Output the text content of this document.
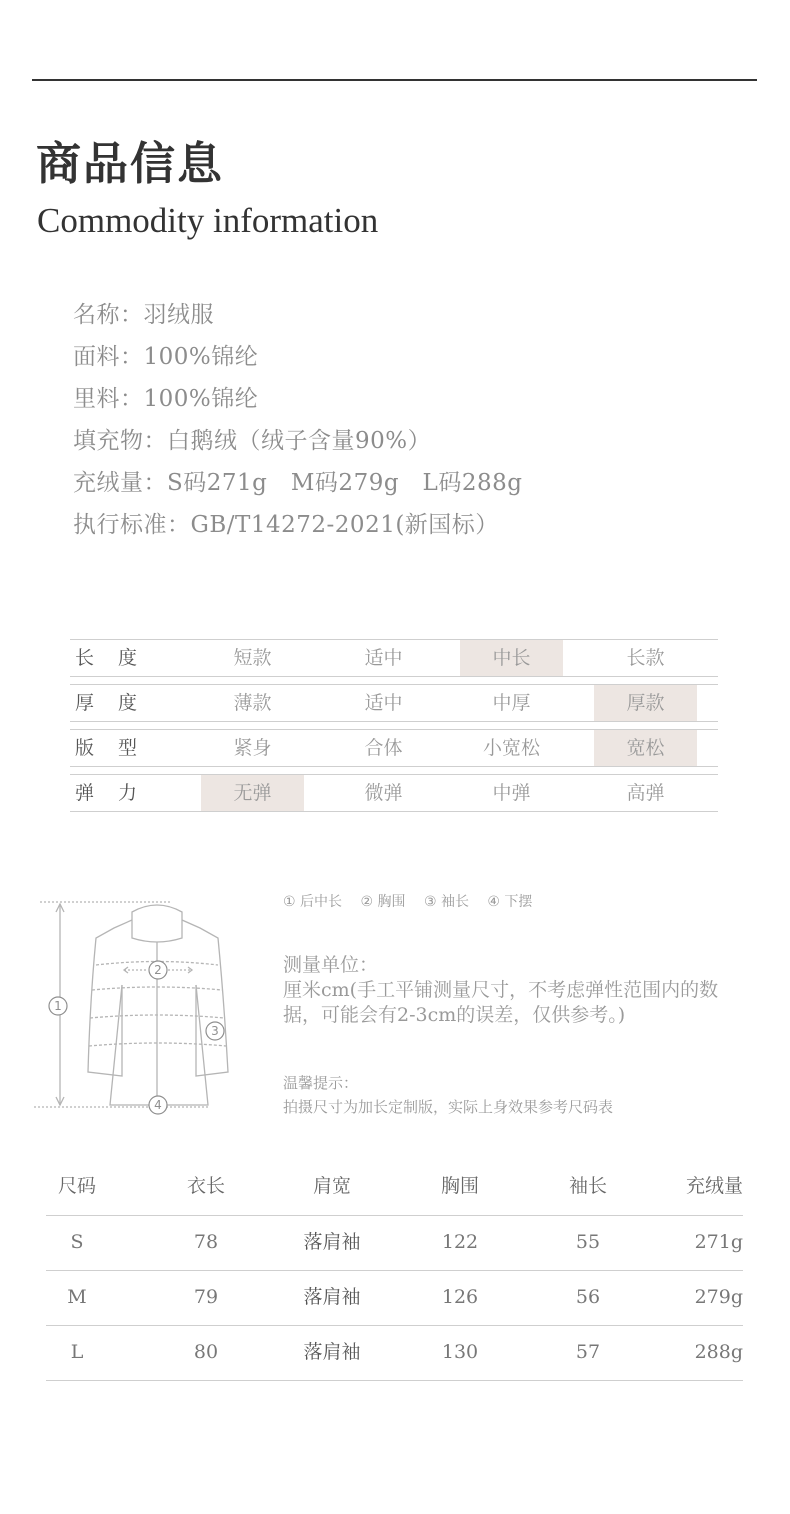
商品信息
Commodity information
名称：羽绒服
面料：100%锦纶
里料：100%锦纶
填充物：白鹅绒（绒子含量90%）
充绒量：S码271g　M码279g　L码288g
执行标准：GB/T14272-2021(新国标）
长度	短款	适中	中长	长款
厚度	薄款	适中	中厚	厚款
版型	紧身	合体	小宽松	宽松
弹力	无弹	微弹	中弹	高弹
1
2
3
4
① 后中长 ② 胸围 ③ 袖长 ④ 下摆
测量单位：
厘米cm(手工平铺测量尺寸，不考虑弹性范围内的数据，可能会有2-3cm的误差，仅供参考。)
温馨提示：
拍摄尺寸为加长定制版，实际上身效果参考尺码表
尺码	衣长	肩宽	胸围	袖长	充绒量
S	78	落肩袖	122	55	271g
M	79	落肩袖	126	56	279g
L	80	落肩袖	130	57	288g
